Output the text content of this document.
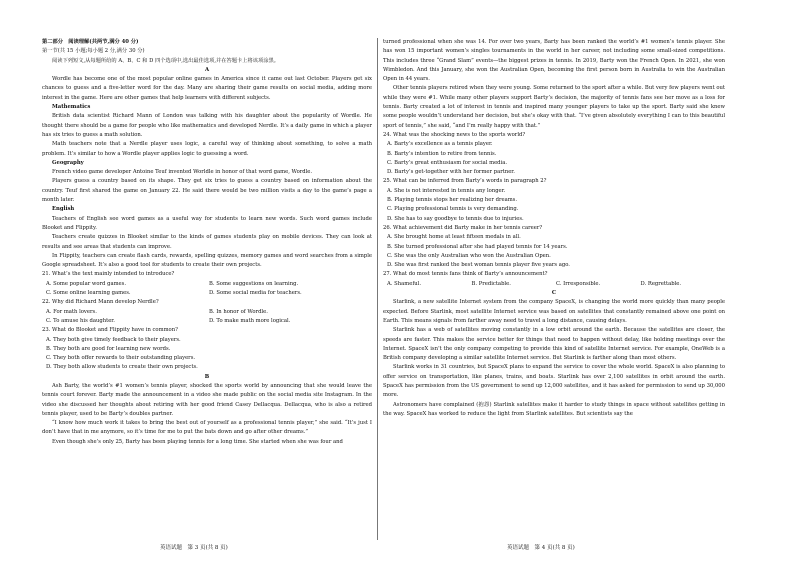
第二部分　阅读理解(共两节,满分 40 分)

第一节(共 15 小题;每小题 2 分,满分 30 分)

阅读下列短文,从每题所给的 A、B、C 和 D 四个选项中,选出最佳选项,并在答题卡上将该项涂黑。

A

Wordle has become one of the most popular online games in America since it came out last October. Players get six chances to guess and a five-letter word for the day. Many are sharing their game results on social media, adding more interest in the game. Here are other games that help learners with different subjects.

Mathematics

British data scientist Richard Mann of London was talking with his daughter about the popularity of Wordle. He thought there should be a game for people who like mathematics and developed Nerdle. It’s a daily game in which a player has six tries to guess a math solution.

Math teachers note that a Nerdle player uses logic, a careful way of thinking about something, to solve a math problem. It’s similar to how a Wordle player applies logic to guessing a word.

Geography

French video game developer Antoine Teuf invented Worldle in honor of that word game, Wordle.

Players guess a country based on its shape. They get six tries to guess a country based on information about the country. Teuf first shared the game on January 22. He said there would be two million visits a day to the game’s page a month later.

English

Teachers of English see word games as a useful way for students to learn new words. Such word games include Blooket and Flippity.

Teachers create quizzes in Blooket similar to the kinds of games students play on mobile devices. They can look at results and see areas that students can improve.

In Flippity, teachers can create flash cards, rewards, spelling quizzes, memory games and word searches from a simple Google spreadsheet. It’s also a good tool for students to create their own projects.

21. What’s the text mainly intended to introduce?

A. Some popular word games.	B. Some suggestions on learning.
C. Some online learning games.	D. Some social media for teachers.

22. Why did Richard Mann develop Nerdle?

A. For math lovers.	B. In honor of Wordle.
C. To amuse his daughter.	D. To make math more logical.

23. What do Blooket and Flippity have in common?

A. They both give timely feedback to their players.

B. They both are good for learning new words.

C. They both offer rewards to their outstanding players.

D. They both allow students to create their own projects.

B

Ash Barty, the world’s #1 women’s tennis player, shocked the sports world by announcing that she would leave the tennis court forever. Barty made the announcement in a video she made public on the social media site Instagram. In the video she discussed her thoughts about retiring with her good friend Casey Dellacqua. Dellacqua, who is also a retired tennis player, used to be Barty’s doubles partner.

“I know how much work it takes to bring the best out of yourself as a professional tennis player,” she said. “It’s just I don’t have that in me anymore, so it’s time for me to put the bats down and go after other dreams.”

Even though she’s only 25, Barty has been playing tennis for a long time. She started when she was four and

turned professional when she was 14. For over two years, Barty has been ranked the world’s #1 women’s tennis player. She has won 15 important women’s singles tournaments in the world in her career, not including some small-sized competitions. This includes three “Grand Slam” events—the biggest prizes in tennis. In 2019, Barty won the French Open. In 2021, she won Wimbledon. And this January, she won the Australian Open, becoming the first person born in Australia to win the Australian Open in 44 years.

Other tennis players retired when they were young. Some returned to the sport after a while. But very few players went out while they were #1. While many other players support Barty’s decision, the majority of tennis fans see her move as a loss for tennis. Barty created a lot of interest in tennis and inspired many younger players to take up the sport. Barty said she knew some people wouldn’t understand her decision, but she’s okay with that. “I’ve given absolutely everything I can to this beautiful sport of tennis,” she said, “and I’m really happy with that.”

24. What was the shocking news to the sports world?

A. Barty’s excellence as a tennis player.

B. Barty’s intention to retire from tennis.

C. Barty’s great enthusiasm for social media.

D. Barty’s get-together with her former partner.

25. What can be inferred from Barty’s words in paragraph 2?

A. She is not interested in tennis any longer.

B. Playing tennis stops her realizing her dreams.

C. Playing professional tennis is very demanding.

D. She has to say goodbye to tennis due to injuries.

26. What achievement did Barty make in her tennis career?

A. She brought home at least fifteen medals in all.

B. She turned professional after she had played tennis for 14 years.

C. She was the only Australian who won the Australian Open.

D. She was first ranked the best woman tennis player five years ago.

27. What do most tennis fans think of Barty’s announcement?

A. Shameful.	B. Predictable.	C. Irresponsible.	D. Regrettable.

C

Starlink, a new satellite Internet system from the company SpaceX, is changing the world more quickly than many people expected. Before Starlink, most satellite Internet service was based on satellites that constantly remained above one point on Earth. This means signals from farther away need to travel a long distance, causing delays.

Starlink has a web of satellites moving constantly in a low orbit around the earth. Because the satellites are closer, the speeds are faster. This makes the service better for things that need to happen without delay, like holding meetings over the Internet. SpaceX isn’t the only company competing to provide this kind of satellite Internet service. For example, OneWeb is a British company developing a similar satellite Internet service. But Starlink is farther along than most others.

Starlink works in 31 countries, but SpaceX plans to expand the service to cover the whole world. SpaceX is also planning to offer service on transportation, like planes, trains, and boats. Starlink has over 2,100 satellites in orbit around the earth. SpaceX has permission from the US government to send up 12,000 satellites, and it has asked for permission to send up 30,000 more.

Astronomers have complained (抱怨) Starlink satellites make it harder to study things in space without satellites getting in the way. SpaceX has worked to reduce the light from Starlink satellites. But scientists say the

英语试题　第 3 页(共 8 页)	英语试题　第 4 页(共 8 页)
